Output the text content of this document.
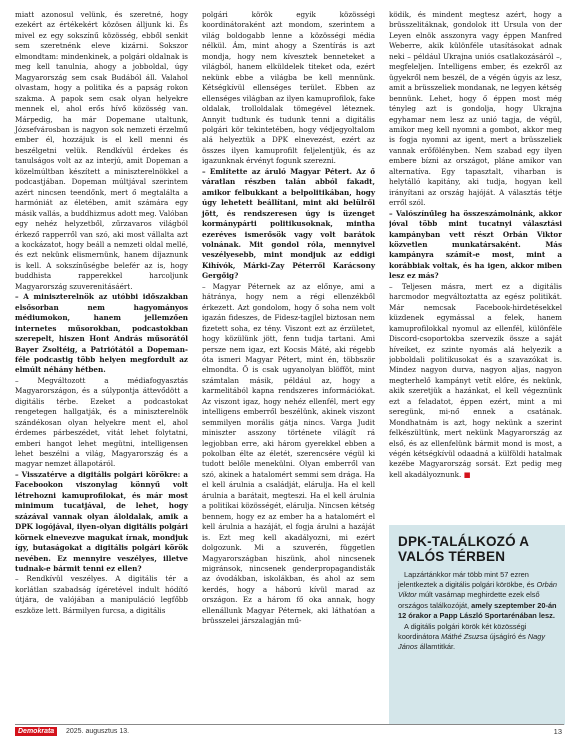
miatt azonosul velünk, és szeretné, hogy ezekért az értékekért közösen álljunk ki. És mivel ez egy sokszínű közösség, ebből senkit sem szeretnénk eleve kizárni. Sokszor elmondtam: mindenkinek, a polgári oldalnak is meg kell tanulnia, ahogy a jobboldal, úgy Magyarország sem csak Budából áll. Valahol olvastam, hogy a politika és a papság rokon szakma. A papok sem csak olyan helyekre mennek el, ahol erős hívő közösség van. Márpedig, ha már Dopemane utaltunk, Józsefvárosban is nagyon sok nemzeti érzelmű ember él, hozzájuk is el kell menni és beszélgetni velük. Rendkívül érdekes és tanulságos volt az az interjú, amit Dopeman a közelmúltban készített a miniszterelnökkel a podcastjában. Dopeman múltjával szerintem azért nincsen teendőnk, mert ő megtalálta a harmóniát az életében, amit számára egy másik vallás, a buddhizmus adott meg. Valóban egy nehéz helyzetből, zűrzavaros világból érkező rapperről van szó, aki most vállalta azt a kockázatot, hogy beáll a nemzeti oldal mellé, és ezt nekünk elismernünk, hanem díjaznunk is kell. A sokszínűségbe belefér az is, hogy buddhista rapperekkel harcoljunk Magyarország szuverenitásáért.

– A miniszterelnök az utóbbi időszakban elsősorban nem hagyományos médiumokon, hanem jellemzően internetes műsorokban, podcastokban szerepelt, hiszen Hont András műsorától Bayer Zsoltéig, a Patriótától a Dopeman-féle podcastig több helyen megfordult az elmúlt néhány hétben.

– Megváltozott a médiafogyasztás Magyarországon, és a súlypontja áttevődött a digitális térbe. Ezeket a podcastokat rengetegen hallgatják, és a miniszterelnök szándékosan olyan helyekre ment el, ahol érdemes párbeszédet, vitát lehet folytatni, emberi hangot lehet megütni, intelligensen lehet beszélni a világ, Magyarország és a magyar nemzet állapotáról.

– Visszatérve a digitális polgári körökre: a Facebookon viszonylag könnyű volt létrehozni kamuprofilokat, és már most minimum tucatjával, de lehet, hogy százával vannak olyan áloldalak, amik a DPK logójával, ilyen-olyan digitális polgári körnek elnevezve magukat írnak, mondjuk így, butaságokat a digitális polgári körök nevében. Ez mennyire veszélyes, illetve tudnak-e bármit tenni ez ellen?

– Rendkívül veszélyes. A digitális tér a korlátlan szabadság ígéretével indult hódító útjára, de valójában a manipuláció legfőbb eszköze lett. Bármilyen furcsa, a digitális

polgári körök egyik közösségi koordinátoraként azt mondom, szerintem a világ boldogabb lenne a közösségi média nélkül. Ám, mint ahogy a Szentírás is azt mondja, hogy nem kívesztek benneteket a világból, hanem elküldelek titeket oda, ezért nekünk ebbe a világba be kell mennünk. Kétségkívül ellenséges terület. Ebben az ellenséges világban az ilyen kamuprofilok, fake oldalak, trolloldalak tömegével léteznek. Annyit tudtunk és tudunk tenni a digitális polgári kör tekintetében, hogy védjegyoltalom alá helyeztük a DPK elnevezést, ezért az összes ilyen kamuprofilt feljelentjük, és az igazunknak érvényt fogunk szerezni.

– Említette az áruló Magyar Pétert. Az ő váratlan részben talán abból fakadt, amikor felbukkant a belpolitikában, hogy úgy lehetett beállítani, mint aki belülről jött, és rendszeresen úgy is üzenget kormánypárti politikusoknak, mintha ezeréves ismerősök vagy volt barátok volnának. Mit gondol róla, mennyivel veszélyesebb, mint mondjuk az eddigi Kihívók, Márki-Zay Péterről Karácsony Gergőig?

– Magyar Péternek az az előnye, ami a hátránya, hogy nem a régi ellenzékből érkezett. Azt gondolom, hogy ő soha nem volt igazán fideszes, de Fidesz-tagjlel biztosan nem fizetett soha, ez tény. Viszont ezt az érzületet, hogy közülünk jött, fenn tudja tartani. Ami persze nem igaz, ezt Kocsis Máté, aki régebb óta ismeri Magyar Pétert, mint én, többször elmondta. Ő is csak ugyanolyan blöfföt, mint számtalan másik, például az, hogy a karmelitából kapna rendszeres információkat. Az viszont igaz, hogy nehéz ellenfél, mert egy intelligens emberről beszélünk, akinek viszont semmilyen morális gátja nincs. Varga Judit miniszter asszony története világít rá legjobban erre, aki három gyerekkel ebben a pokolban élte az életét, szerencsére végül ki tudott belőle menekülni. Olyan emberről van szó, akinek a hatalomért semmi sem drága. Ha el kell árulnia a családját, elárulja. Ha el kell árulnia a barátait, megteszi. Ha el kell árulnia a politikai közösségét, elárulja. Nincsen kétség bennem, hogy ez az ember ha a hatalomért el kell árulnia a hazáját, el fogja árulni a hazáját is. Ezt meg kell akadályozni, mi ezért dolgozunk. Mi a szuverén, független Magyarországban hiszünk, ahol nincsenek migránsok, nincsenek genderpropagandisták az óvodákban, iskolákban, és ahol az sem kerdés, hogy a háború kívül marad az országon. Ez a három fő oka annak, hogy ellenállunk Magyar Péternek, aki láthatóan a brüsszelei járszalagján mű-

ködik, és mindent megtesz azért, hogy a brüsszelitáknak, gondolok itt Ursula von der Leyen elnök asszonyra vagy éppen Manfred Weberre, akik különféle utasításokat adnak neki – például Ukrajna uniós csatlakozásáról –, megfeleljen. Intelligens ember, és ezekről az ügyekről nem beszél, de a végén úgyis az lesz, amit a brüsszeliek mondanak, ne legyen kétség bennünk. Lehet, hogy ő éppen most még tényleg azt is gondolja, hogy Ukrajna egyhamar nem lesz az unió tagja, de végül, amikor meg kell nyomni a gombot, akkor meg is fogja nyomni az igent, mert a brüsszeliek vannak erőfölényben. Nem szabad egy ilyen embere bízni az országot, pláne amikor van alternatíva. Egy tapasztalt, viharban is helytálló kapitány, aki tudja, hogyan kell irányítani az ország hajóját. A választás tétje erről szól.

– Valószínűleg ha összeszámolnánk, akkor jóval több mint tucatnyi választási kampányban vett részt Orbán Viktor közvetlen munkatársaként. Más kampányra számít-e most, mint a korábbiak voltak, és ha igen, akkor miben lesz ez más?

– Teljesen másra, mert ez a digitális harcmodor megváltoztatta az egész politikát. Már nemcsak Facebook-hirdetésekkel küzdenek egymással a felek, hanem kamuprofilokkal nyomul az ellenfél, különféle Discord-csoportokba szervezik össze a saját híveiket, ez szinte nyomás alá helyezik a jobboldali politikusokat és a szavazókat is. Mindez nagyon durva, nagyon aljas, nagyon megterhelő kampányt vetít előre, és nekünk, akik szeretjük a hazánkat, el kell végeznünk ezt a feladatot, éppen ezért, mint a mi seregünk, mi-nő ennek a csatának. Mondhatnám is azt, hogy nekünk a szerint felkészültünk, mert nekünk Magyarország az első, és az ellenfelünk bármit mond is most, a végén kétségkívül odaadná a külföldi hatalmak kezébe Magyarország sorsát. Ezt pedig meg kell akadályoznunk. ■

DPK-TALÁLKOZÓ A VALÓS TÉRBEN

Lapzártánkkor már több mint 57 ezren jelentkeztek a digitális polgári körökbe, és Orbán Viktor múlt vasárnap meghirdette ezek első országos találkozóját, amely szeptember 20-án 12 órakor a Papp László Sportarénában lesz.

A digitális polgári körök két közösségi koordinátora Máthé Zsuzsa újságíró és Nagy János államtitkár.

Demokrata	2025. augusztus 13.	13
